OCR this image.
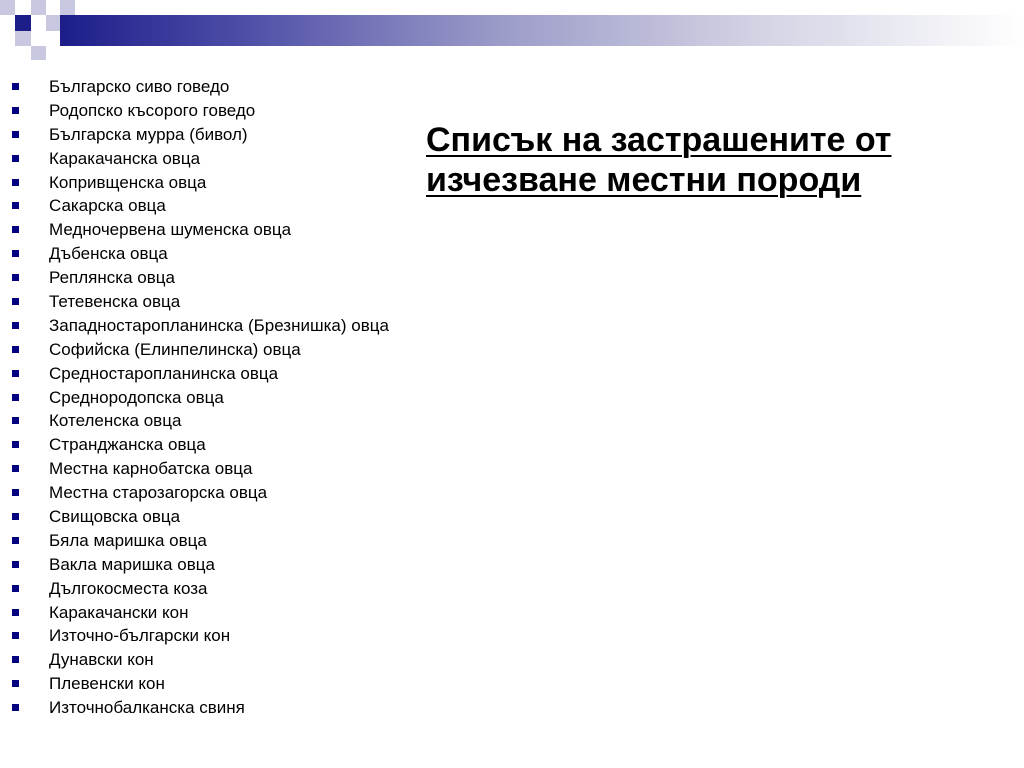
Българско сиво говедо
Родопско късорого говедо
Българска мурра (бивол)
Каракачанска овца
Копривщенска овца
Сакарска овца
Медночервена шуменска овца
Дъбенска овца
Реплянска овца
Тетевенска овца
Западностаропланинска (Брезнишка) овца
Софийска (Елинпелинска) овца
Средностаропланинска овца
Среднородопска овца
Котеленска овца
Странджанска овца
Местна карнобатска овца
Местна старозагорска овца
Свищовска овца
Бяла маришка овца
Вакла маришка овца
Дългокосместа коза
Каракачански кон
Източно-български кон
Дунавски кон
Плевенски кон
Източнобалканска свиня
Списък на застрашените от
изчезване местни породи
